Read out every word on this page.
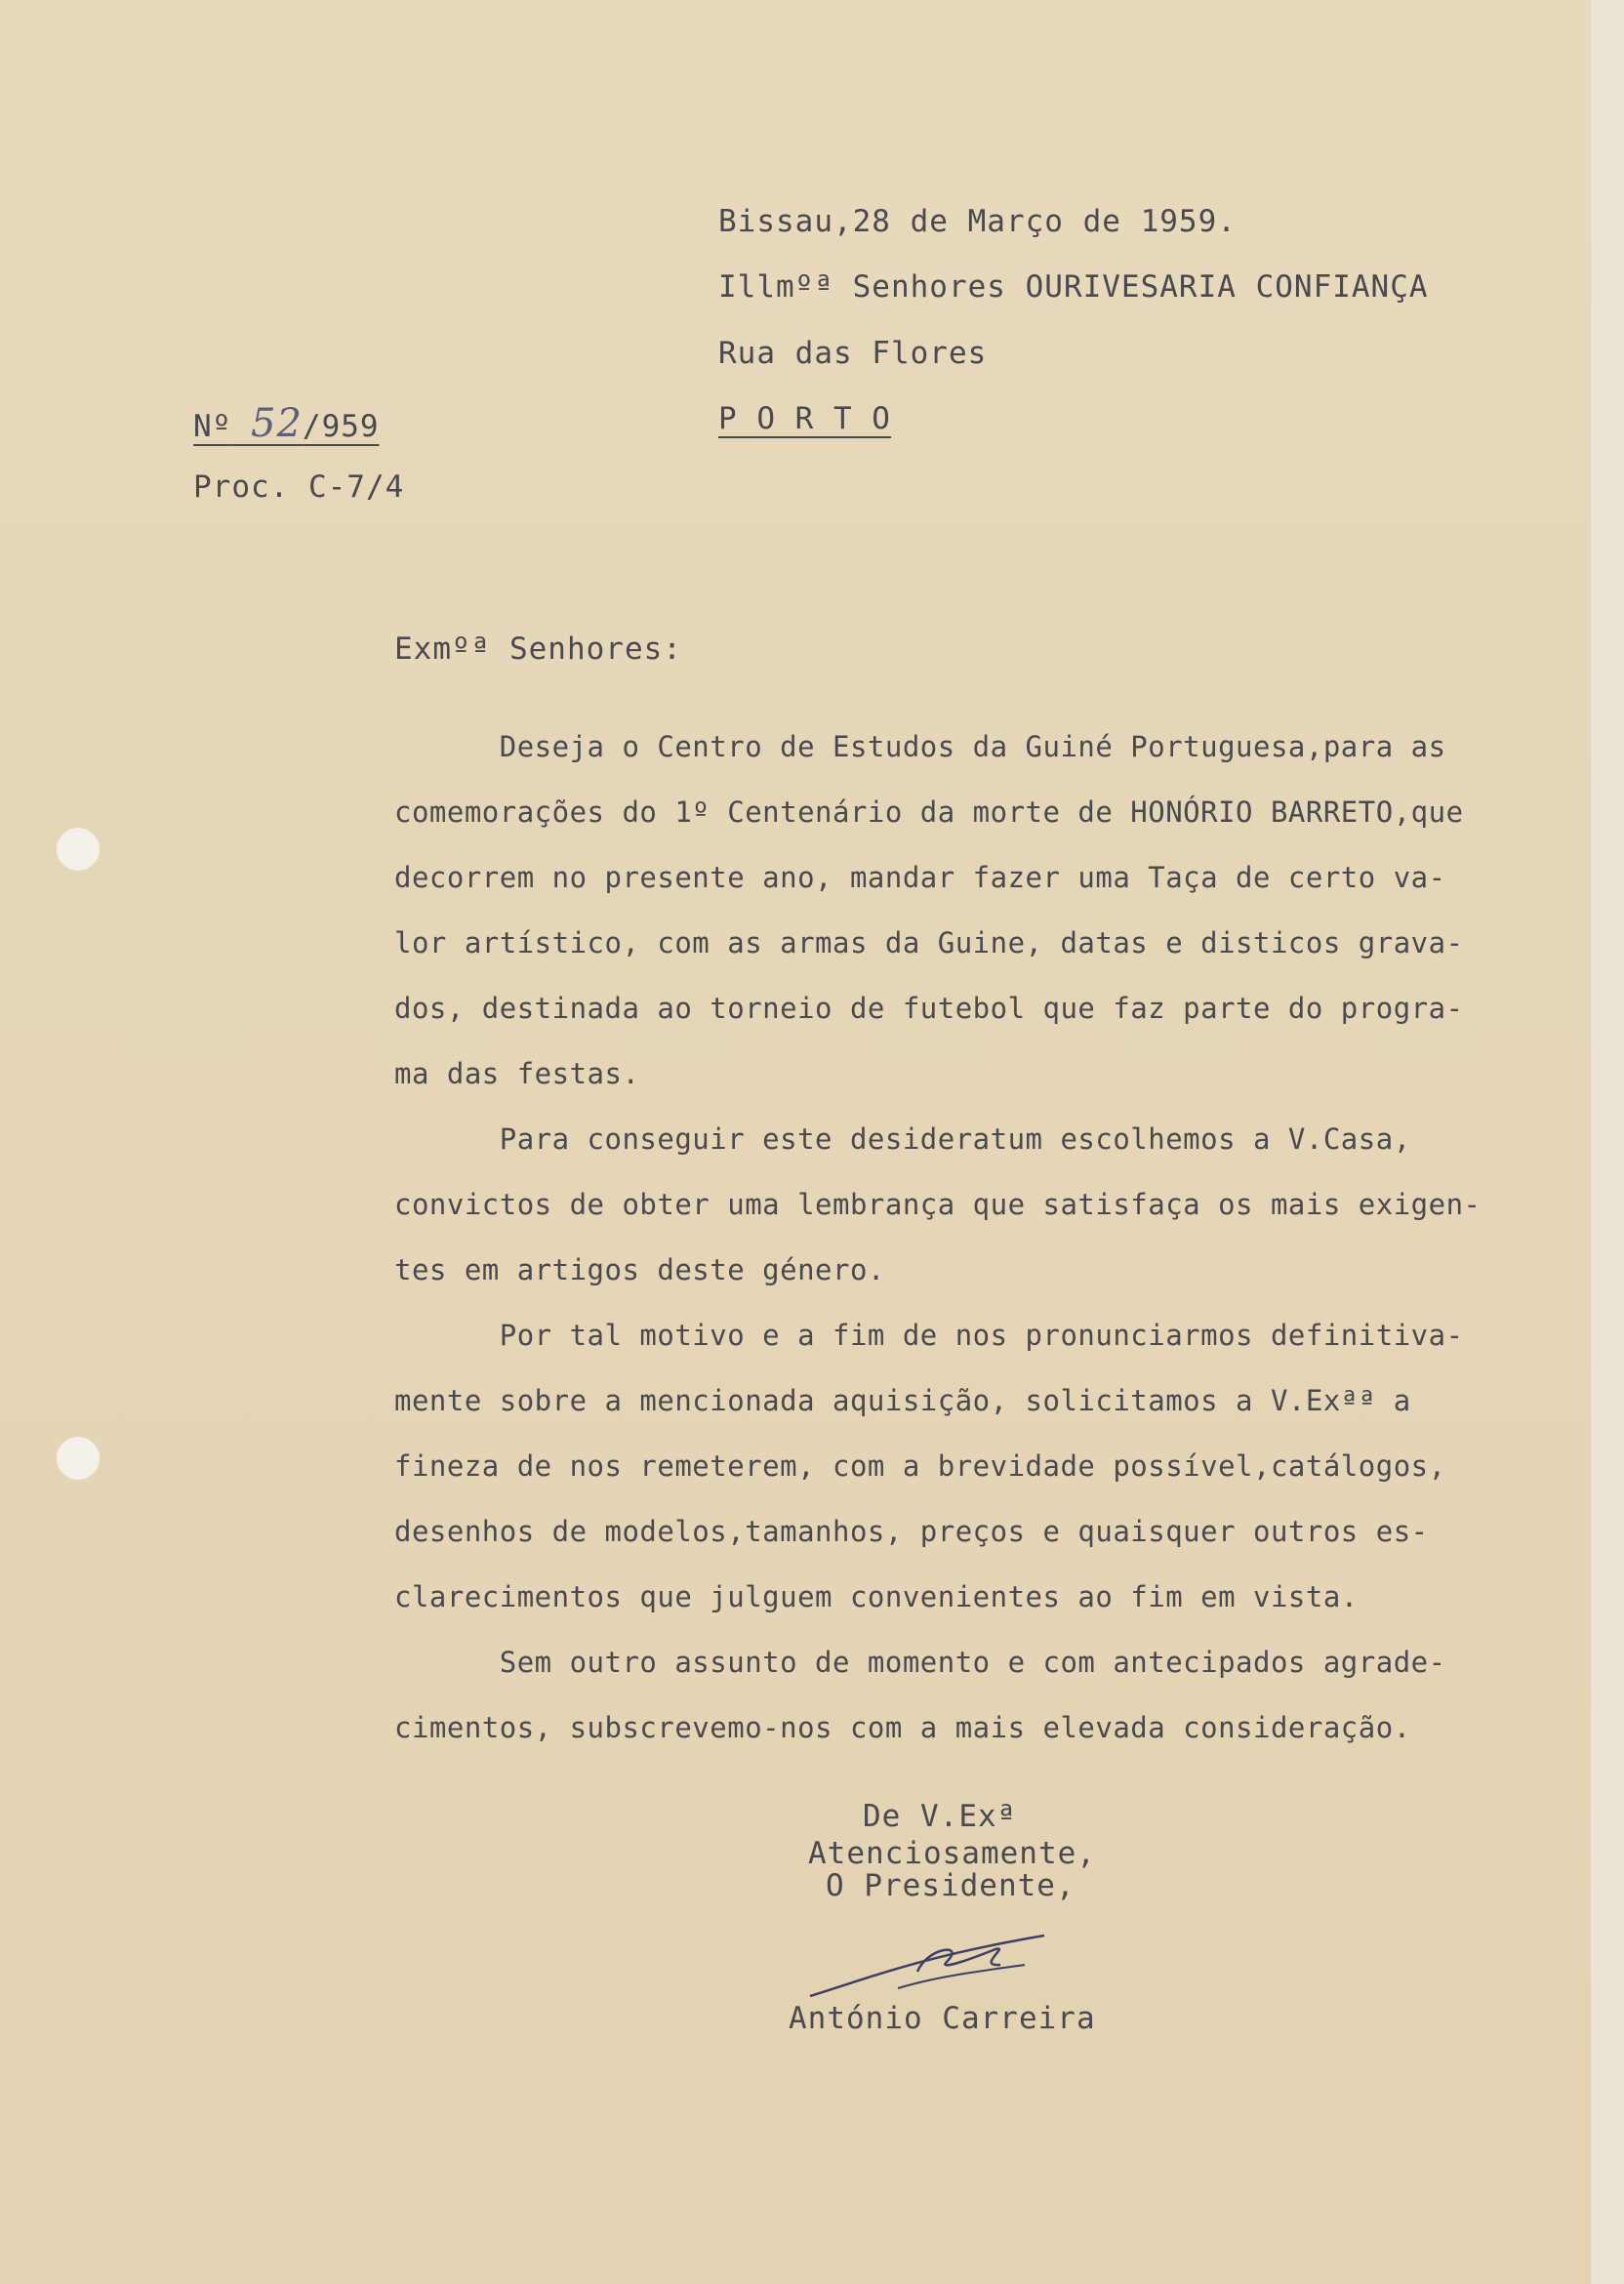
Bissau,28 de Março de 1959.
Illmºª Senhores OURIVESARIA CONFIANÇA
Rua das Flores
P O R T O
Nº 52/959
Proc. C-7/4
Exmºª Senhores:
Deseja o Centro de Estudos da Guiné Portuguesa,para as
comemorações do 1º Centenário da morte de HONÓRIO BARRETO,que
decorrem no presente ano, mandar fazer uma Taça de certo va-
lor artístico, com as armas da Guine, datas e disticos grava-
dos, destinada ao torneio de futebol que faz parte do progra-
ma das festas.
Para conseguir este desideratum escolhemos a V.Casa,
convictos de obter uma lembrança que satisfaça os mais exigen-
tes em artigos deste género.
Por tal motivo e a fim de nos pronunciarmos definitiva-
mente sobre a mencionada aquisição, solicitamos a V.Exªª a
fineza de nos remeterem, com a brevidade possível,catálogos,
desenhos de modelos,tamanhos, preços e quaisquer outros es-
clarecimentos que julguem convenientes ao fim em vista.
Sem outro assunto de momento e com antecipados agrade-
cimentos, subscrevemo-nos com a mais elevada consideração.
De V.Exª
Atenciosamente,
O Presidente,
António Carreira
